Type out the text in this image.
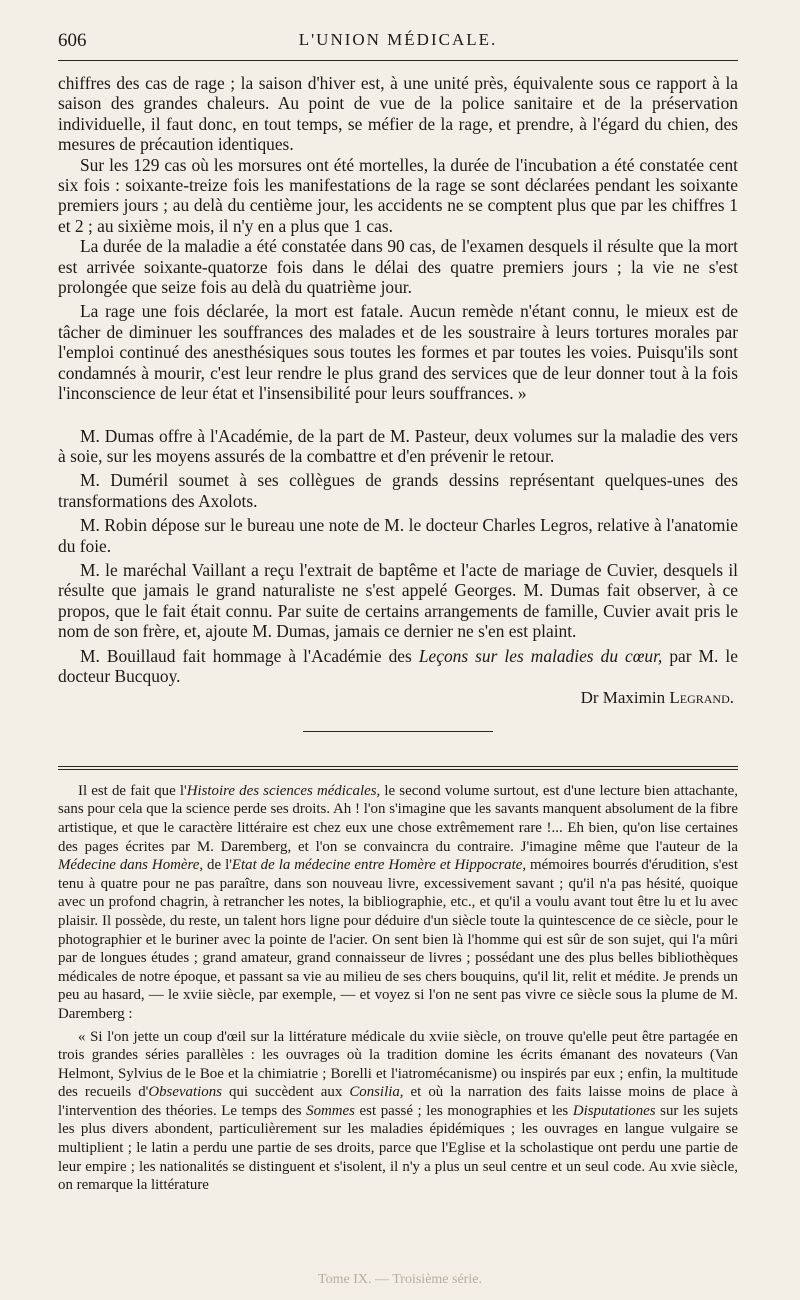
606	L'UNION MÉDICALE.

chiffres des cas de rage ; la saison d'hiver est, à une unité près, équivalente sous ce rapport à la saison des grandes chaleurs. Au point de vue de la police sanitaire et de la préservation individuelle, il faut donc, en tout temps, se méfier de la rage, et prendre, à l'égard du chien, des mesures de précaution identiques.

Sur les 129 cas où les morsures ont été mortelles, la durée de l'incubation a été constatée cent six fois : soixante-treize fois les manifestations de la rage se sont déclarées pendant les soixante premiers jours ; au delà du centième jour, les accidents ne se comptent plus que par les chiffres 1 et 2 ; au sixième mois, il n'y en a plus que 1 cas.

La durée de la maladie a été constatée dans 90 cas, de l'examen desquels il résulte que la mort est arrivée soixante-quatorze fois dans le délai des quatre premiers jours ; la vie ne s'est prolongée que seize fois au delà du quatrième jour.

La rage une fois déclarée, la mort est fatale. Aucun remède n'étant connu, le mieux est de tâcher de diminuer les souffrances des malades et de les soustraire à leurs tortures morales par l'emploi continué des anesthésiques sous toutes les formes et par toutes les voies. Puisqu'ils sont condamnés à mourir, c'est leur rendre le plus grand des services que de leur donner tout à la fois l'inconscience de leur état et l'insensibilité pour leurs souffrances. »

M. Dumas offre à l'Académie, de la part de M. Pasteur, deux volumes sur la maladie des vers à soie, sur les moyens assurés de la combattre et d'en prévenir le retour.

M. Duméril soumet à ses collègues de grands dessins représentant quelques-unes des transformations des Axolots.

M. Robin dépose sur le bureau une note de M. le docteur Charles Legros, relative à l'anatomie du foie.

M. le maréchal Vaillant a reçu l'extrait de baptême et l'acte de mariage de Cuvier, desquels il résulte que jamais le grand naturaliste ne s'est appelé Georges. M. Dumas fait observer, à ce propos, que le fait était connu. Par suite de certains arrangements de famille, Cuvier avait pris le nom de son frère, et, ajoute M. Dumas, jamais ce dernier ne s'en est plaint.

M. Bouillaud fait hommage à l'Académie des Leçons sur les maladies du cœur, par M. le docteur Bucquoy.

Dr Maximin Legrand.

Il est de fait que l'Histoire des sciences médicales, le second volume surtout, est d'une lecture bien attachante, sans pour cela que la science perde ses droits. Ah ! l'on s'imagine que les savants manquent absolument de la fibre artistique, et que le caractère littéraire est chez eux une chose extrêmement rare !... Eh bien, qu'on lise certaines des pages écrites par M. Daremberg, et l'on se convaincra du contraire. J'imagine même que l'auteur de la Médecine dans Homère, de l'Etat de la médecine entre Homère et Hippocrate, mémoires bourrés d'érudition, s'est tenu à quatre pour ne pas paraître, dans son nouveau livre, excessivement savant ; qu'il n'a pas hésité, quoique avec un profond chagrin, à retrancher les notes, la bibliographie, etc., et qu'il a voulu avant tout être lu et lu avec plaisir. Il possède, du reste, un talent hors ligne pour déduire d'un siècle toute la quintescence de ce siècle, pour le photographier et le buriner avec la pointe de l'acier. On sent bien là l'homme qui est sûr de son sujet, qui l'a mûri par de longues études ; grand amateur, grand connaisseur de livres ; possédant une des plus belles bibliothèques médicales de notre époque, et passant sa vie au milieu de ses chers bouquins, qu'il lit, relit et médite. Je prends un peu au hasard, — le xviie siècle, par exemple, — et voyez si l'on ne sent pas vivre ce siècle sous la plume de M. Daremberg :

« Si l'on jette un coup d'œil sur la littérature médicale du xviie siècle, on trouve qu'elle peut être partagée en trois grandes séries parallèles : les ouvrages où la tradition domine les écrits émanant des novateurs (Van Helmont, Sylvius de le Boe et la chimiatrie ; Borelli et l'iatromécanisme) ou inspirés par eux ; enfin, la multitude des recueils d'Obsevations qui succèdent aux Consilia, et où la narration des faits laisse moins de place à l'intervention des théories. Le temps des Sommes est passé ; les monographies et les Disputationes sur les sujets les plus divers abondent, particulièrement sur les maladies épidémiques ; les ouvrages en langue vulgaire se multiplient ; le latin a perdu une partie de ses droits, parce que l'Eglise et la scholastique ont perdu une partie de leur empire ; les nationalités se distinguent et s'isolent, il n'y a plus un seul centre et un seul code. Au xvie siècle, on remarque la littérature

Tome IX. — Troisième série.
